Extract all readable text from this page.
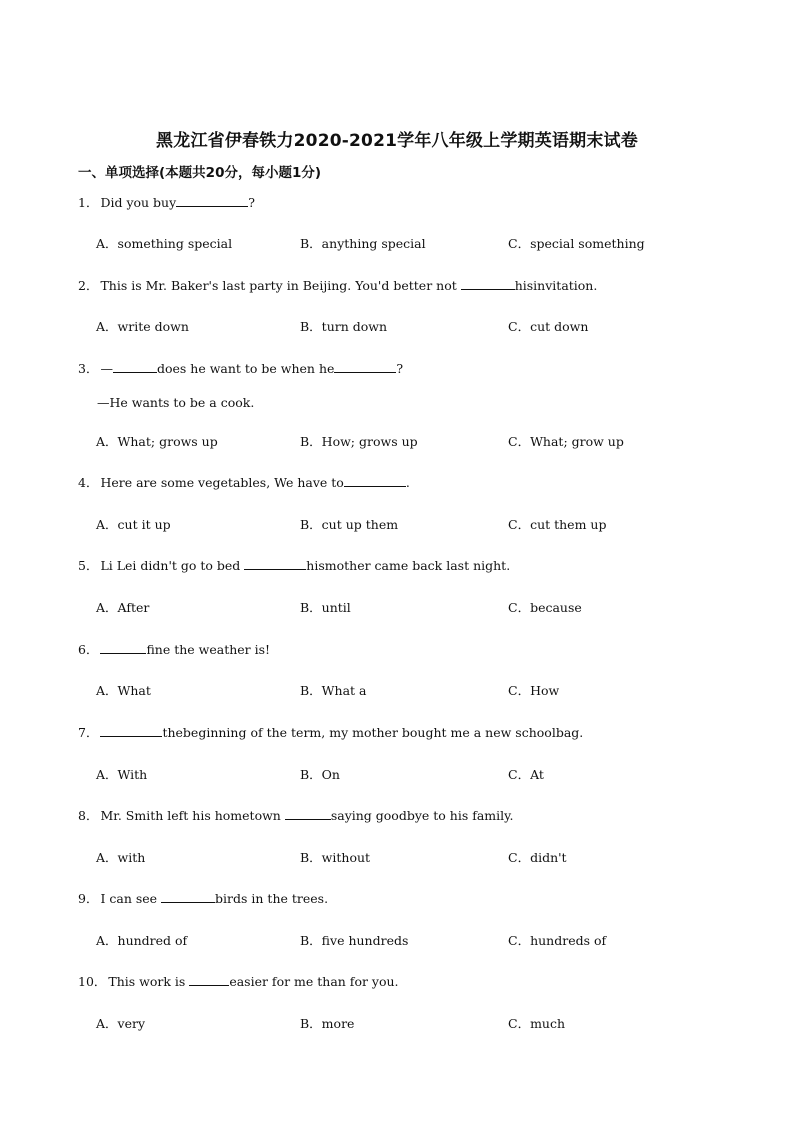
黑龙江省伊春铁力2020-2021学年八年级上学期英语期末试卷
一、单项选择(本题共20分，每小题1分)
1． Did you buy	?
A．something special	B．anything special	C．special something
2． This is Mr. Baker's last party in Beijing. You'd better not	hisinvitation.
A．write down	B．turn down	C．cut down
3． —	does he want to be when he	?
—He wants to be a cook.
A．What; grows up	B．How; grows up	C．What; grow up
4． Here are some vegetables, We have to	.
A．cut it up	B．cut up them	C．cut them up
5． Li Lei didn't go to bed	hismother came back last night.
A．After	B．until	C．because
6．	fine the weather is!
A．What	B．What a	C．How
7．	thebeginning of the term, my mother bought me a new schoolbag.
A．With	B．On	C．At
8． Mr. Smith left his hometown	saying goodbye to his family.
A．with	B．without	C．didn't
9． I can see	birds in the trees.
A．hundred of	B．five hundreds	C．hundreds of
10． This work is	easier for me than for you.
A．very	B．more	C．much
